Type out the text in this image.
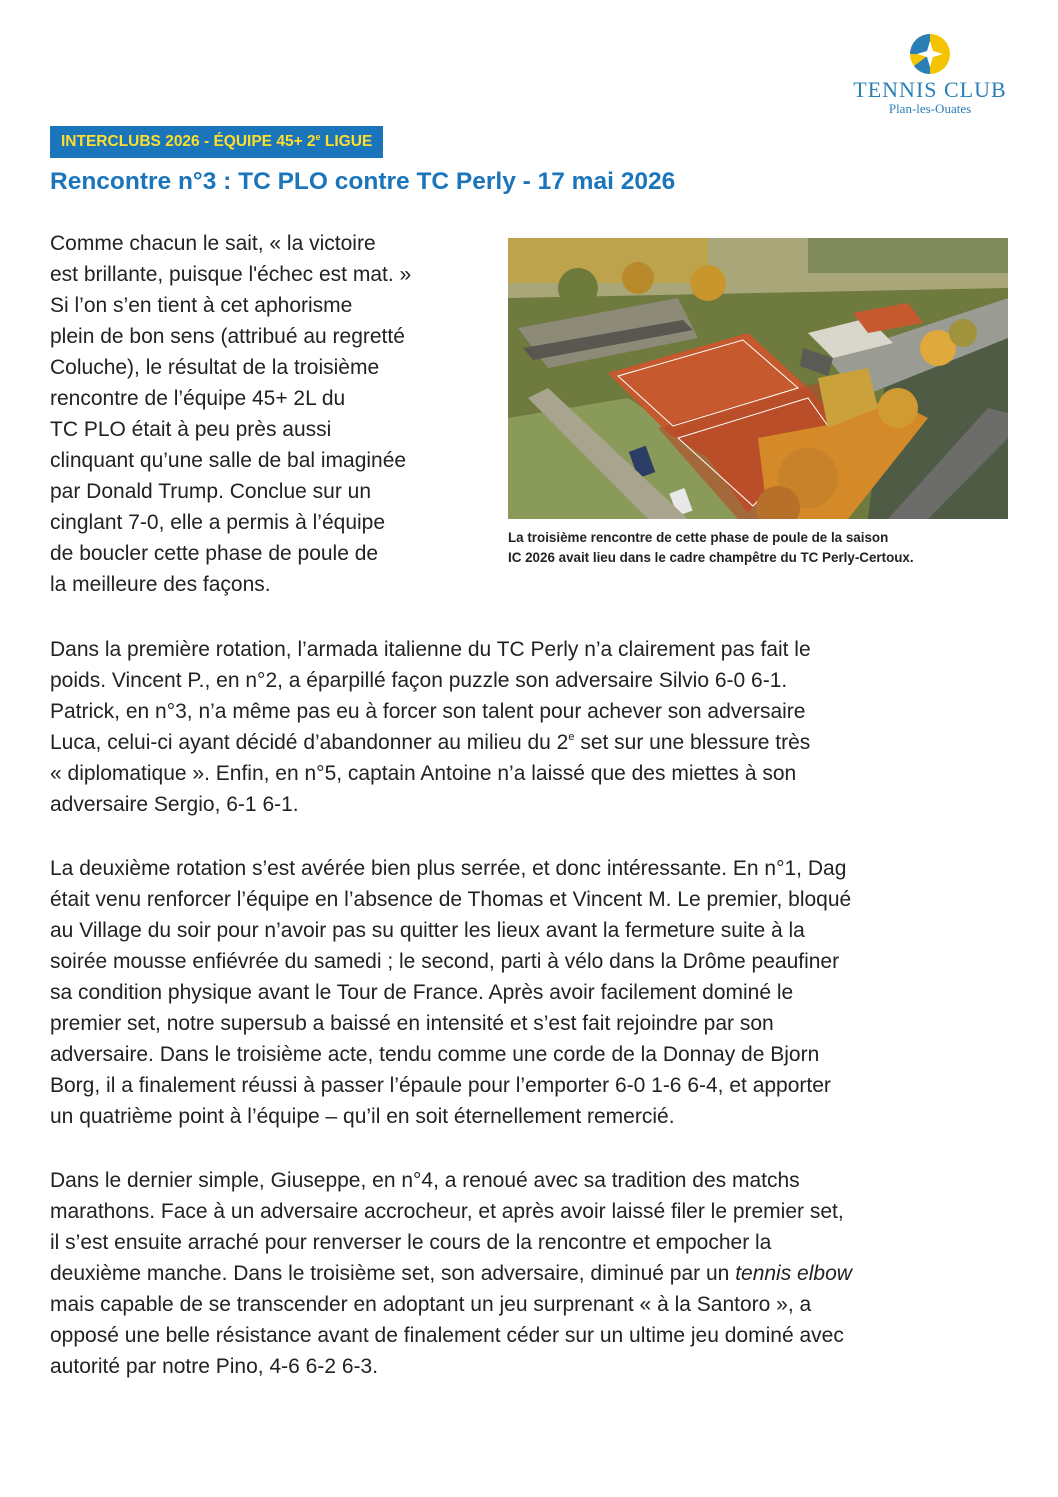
TENNIS CLUB
Plan-les-Ouates
INTERCLUBS 2026 - ÉQUIPE $45+ 2^e$ LIGUE
Rencontre n°3 : TC PLO contre TC Perly - 17 mai 2026
Comme chacun le sait, « la victoire
est brillante, puisque l'échec est mat. »
Si l’on s’en tient à cet aphorisme
plein de bon sens (attribué au regretté
Coluche), le résultat de la troisième
rencontre de l’équipe 45+ 2L du
TC PLO était à peu près aussi
clinquant qu’une salle de bal imaginée
par Donald Trump. Conclue sur un
cinglant 7-0, elle a permis à l’équipe
de boucler cette phase de poule de
la meilleure des façons.
La troisième rencontre de cette phase de poule de la saison
IC 2026 avait lieu dans le cadre champêtre du TC Perly-Certoux.
Dans la première rotation, l’armada italienne du TC Perly n’a clairement pas fait le
poids. Vincent P., en n°2, a éparpillé façon puzzle son adversaire Silvio 6-0 6-1.
Patrick, en n°3, n’a même pas eu à forcer son talent pour achever son adversaire
Luca, celui-ci ayant décidé d’abandonner au milieu du 2e set sur une blessure très
« diplomatique ». Enfin, en n°5, captain Antoine n’a laissé que des miettes à son
adversaire Sergio, 6-1 6-1.
La deuxième rotation s’est avérée bien plus serrée, et donc intéressante. En n°1, Dag
était venu renforcer l’équipe en l’absence de Thomas et Vincent M. Le premier, bloqué
au Village du soir pour n’avoir pas su quitter les lieux avant la fermeture suite à la
soirée mousse enfiévrée du samedi ; le second, parti à vélo dans la Drôme peaufiner
sa condition physique avant le Tour de France. Après avoir facilement dominé le
premier set, notre supersub a baissé en intensité et s’est fait rejoindre par son
adversaire. Dans le troisième acte, tendu comme une corde de la Donnay de Bjorn
Borg, il a finalement réussi à passer l’épaule pour l’emporter 6-0 1-6 6-4, et apporter
un quatrième point à l’équipe – qu’il en soit éternellement remercié.
Dans le dernier simple, Giuseppe, en n°4, a renoué avec sa tradition des matchs
marathons. Face à un adversaire accrocheur, et après avoir laissé filer le premier set,
il s’est ensuite arraché pour renverser le cours de la rencontre et empocher la
deuxième manche. Dans le troisième set, son adversaire, diminué par un tennis elbow
mais capable de se transcender en adoptant un jeu surprenant « à la Santoro », a
opposé une belle résistance avant de finalement céder sur un ultime jeu dominé avec
autorité par notre Pino, 4-6 6-2 6-3.
